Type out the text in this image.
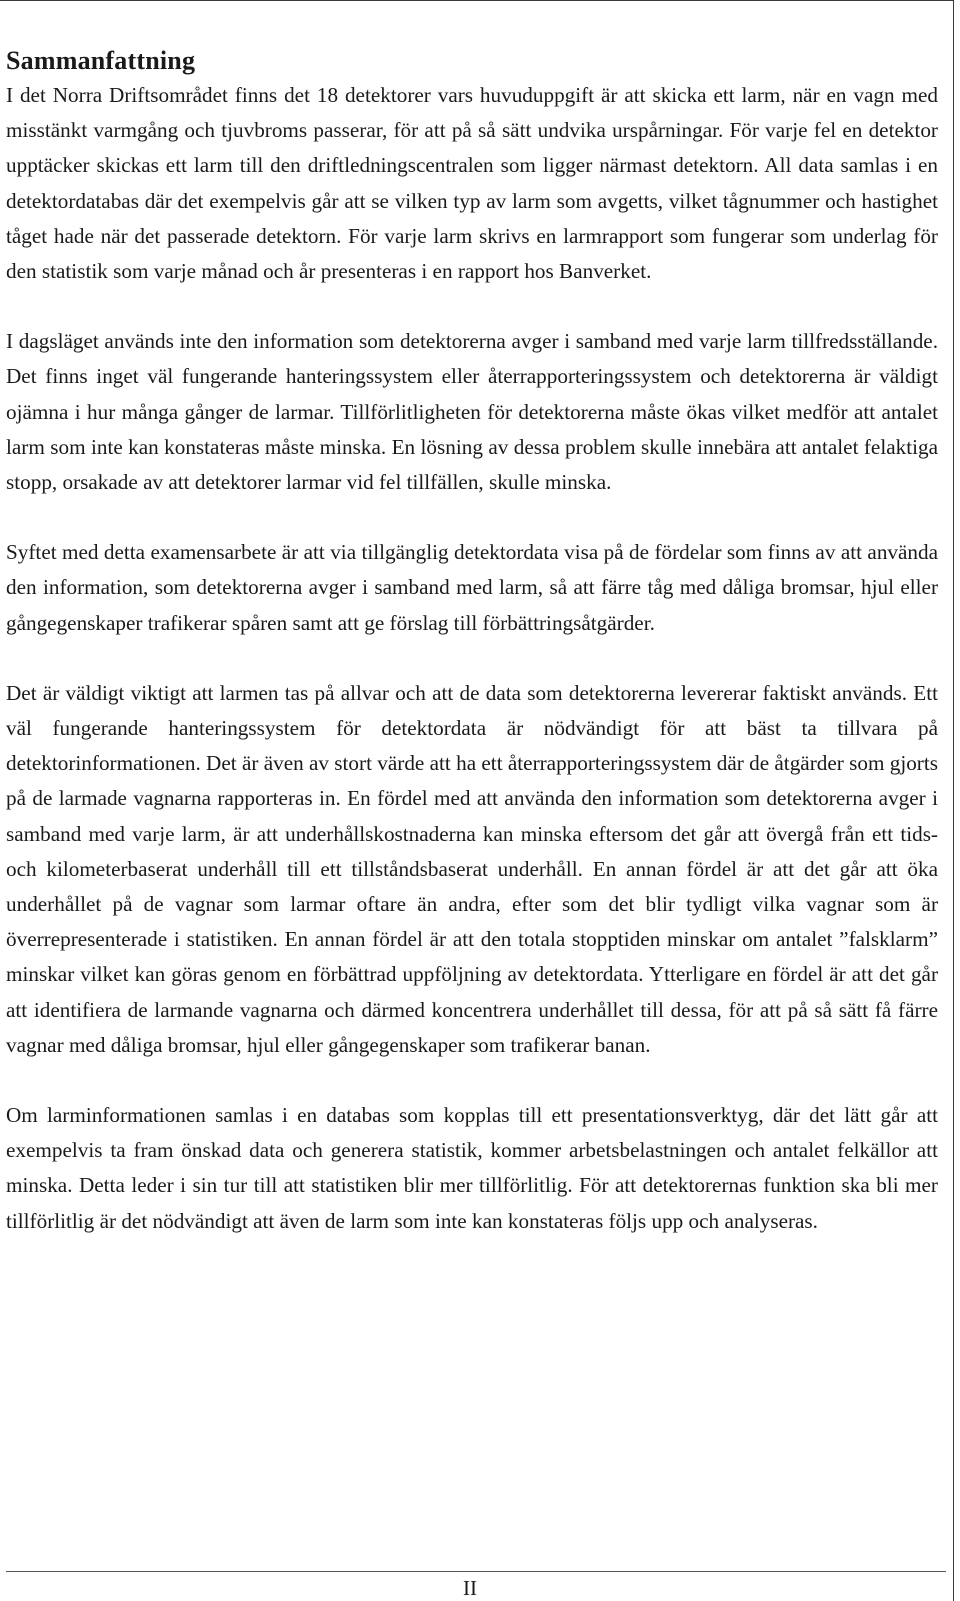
Sammanfattning

I det Norra Driftsområdet finns det 18 detektorer vars huvuduppgift är att skicka ett larm, när en vagn med misstänkt varmgång och tjuvbroms passerar, för att på så sätt undvika urspårningar. För varje fel en detektor upptäcker skickas ett larm till den driftledningscentralen som ligger närmast detektorn. All data samlas i en detektordatabas där det exempelvis går att se vilken typ av larm som avgetts, vilket tågnummer och hastighet tåget hade när det passerade detektorn. För varje larm skrivs en larmrapport som fungerar som underlag för den statistik som varje månad och år presenteras i en rapport hos Banverket.

I dagsläget används inte den information som detektorerna avger i samband med varje larm tillfredsställande. Det finns inget väl fungerande hanteringssystem eller återrapporteringssystem och detektorerna är väldigt ojämna i hur många gånger de larmar. Tillförlitligheten för detektorerna måste ökas vilket medför att antalet larm som inte kan konstateras måste minska. En lösning av dessa problem skulle innebära att antalet felaktiga stopp, orsakade av att detektorer larmar vid fel tillfällen, skulle minska.

Syftet med detta examensarbete är att via tillgänglig detektordata visa på de fördelar som finns av att använda den information, som detektorerna avger i samband med larm, så att färre tåg med dåliga bromsar, hjul eller gångegenskaper trafikerar spåren samt att ge förslag till förbättringsåtgärder.

Det är väldigt viktigt att larmen tas på allvar och att de data som detektorerna levererar faktiskt används. Ett väl fungerande hanteringssystem för detektordata är nödvändigt för att bäst ta tillvara på detektorinformationen. Det är även av stort värde att ha ett återrapporteringssystem där de åtgärder som gjorts på de larmade vagnarna rapporteras in. En fördel med att använda den information som detektorerna avger i samband med varje larm, är att underhållskostnaderna kan minska eftersom det går att övergå från ett tids- och kilometerbaserat underhåll till ett tillståndsbaserat underhåll. En annan fördel är att det går att öka underhållet på de vagnar som larmar oftare än andra, efter som det blir tydligt vilka vagnar som är överrepresenterade i statistiken. En annan fördel är att den totala stopptiden minskar om antalet ”falsklarm” minskar vilket kan göras genom en förbättrad uppföljning av detektordata. Ytterligare en fördel är att det går att identifiera de larmande vagnarna och därmed koncentrera underhållet till dessa, för att på så sätt få färre vagnar med dåliga bromsar, hjul eller gångegenskaper som trafikerar banan.

Om larminformationen samlas i en databas som kopplas till ett presentationsverktyg, där det lätt går att exempelvis ta fram önskad data och generera statistik, kommer arbetsbelastningen och antalet felkällor att minska. Detta leder i sin tur till att statistiken blir mer tillförlitlig. För att detektorernas funktion ska bli mer tillförlitlig är det nödvändigt att även de larm som inte kan konstateras följs upp och analyseras.

II
